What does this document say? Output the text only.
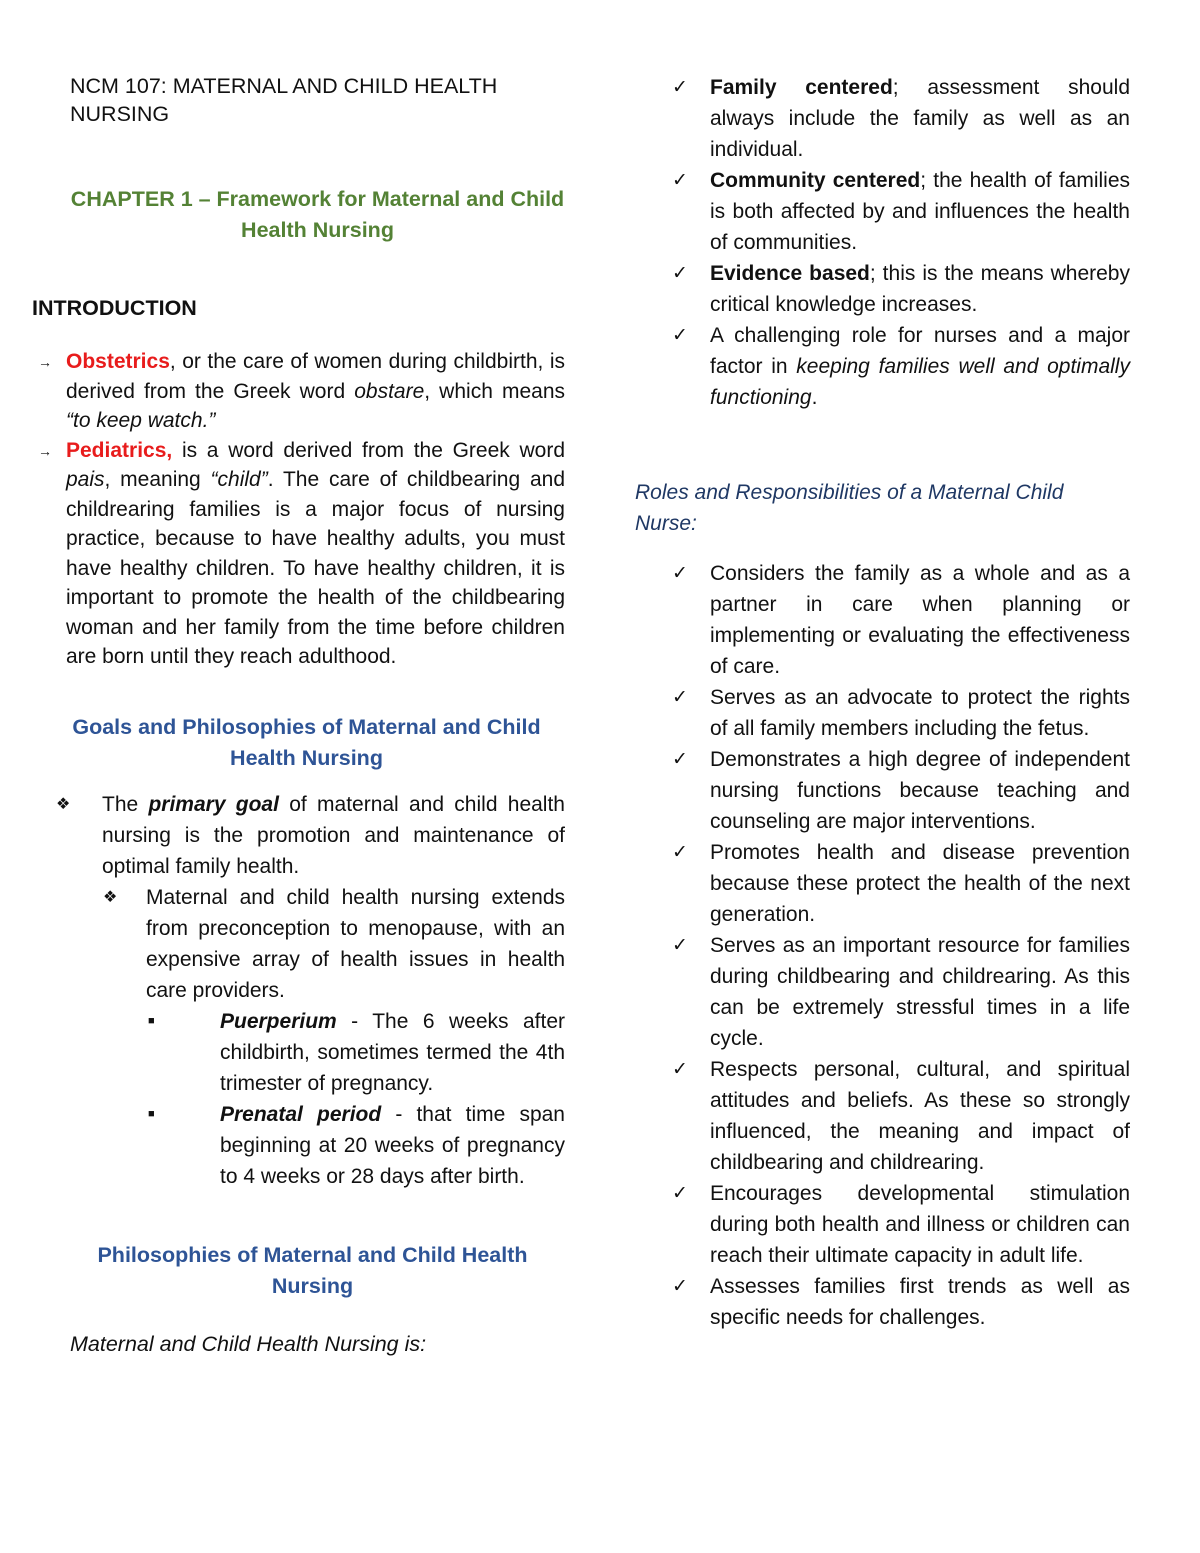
NCM 107: MATERNAL AND CHILD HEALTH NURSING

CHAPTER 1 – Framework for Maternal and Child Health Nursing

INTRODUCTION
→ Obstetrics, or the care of women during childbirth, is derived from the Greek word obstare, which means “to keep watch.”
→ Pediatrics, is a word derived from the Greek word pais, meaning “child”. The care of childbearing and childrearing families is a major focus of nursing practice, because to have healthy adults, you must have healthy children. To have healthy children, it is important to promote the health of the childbearing woman and her family from the time before children are born until they reach adulthood.
Goals and Philosophies of Maternal and Child Health Nursing
❖	The primary goal of maternal and child health nursing is the promotion and maintenance of optimal family health.
❖	Maternal and child health nursing extends from preconception to menopause, with an expensive array of health issues in health care providers.
■	Puerperium - The 6 weeks after childbirth, sometimes termed the 4th trimester of pregnancy.
■	Prenatal period - that time span beginning at 20 weeks of pregnancy to 4 weeks or 28 days after birth.
Philosophies of Maternal and Child Health Nursing
Maternal and Child Health Nursing is:
✓	Family centered; assessment should always include the family as well as an individual.
✓	Community centered; the health of families is both affected by and influences the health of communities.
✓	Evidence based; this is the means whereby critical knowledge increases.
✓	A challenging role for nurses and a major factor in keeping families well and optimally functioning.
Roles and Responsibilities of a Maternal Child Nurse:
✓	Considers the family as a whole and as a partner in care when planning or implementing or evaluating the effectiveness of care.
✓	Serves as an advocate to protect the rights of all family members including the fetus.
✓	Demonstrates a high degree of independent nursing functions because teaching and counseling are major interventions.
✓	Promotes health and disease prevention because these protect the health of the next generation.
✓	Serves as an important resource for families during childbearing and childrearing. As this can be extremely stressful times in a life cycle.
✓	Respects personal, cultural, and spiritual attitudes and beliefs. As these so strongly influenced, the meaning and impact of childbearing and childrearing.
✓	Encourages developmental stimulation during both health and illness or children can reach their ultimate capacity in adult life.
✓	Assesses families first trends as well as specific needs for challenges.
